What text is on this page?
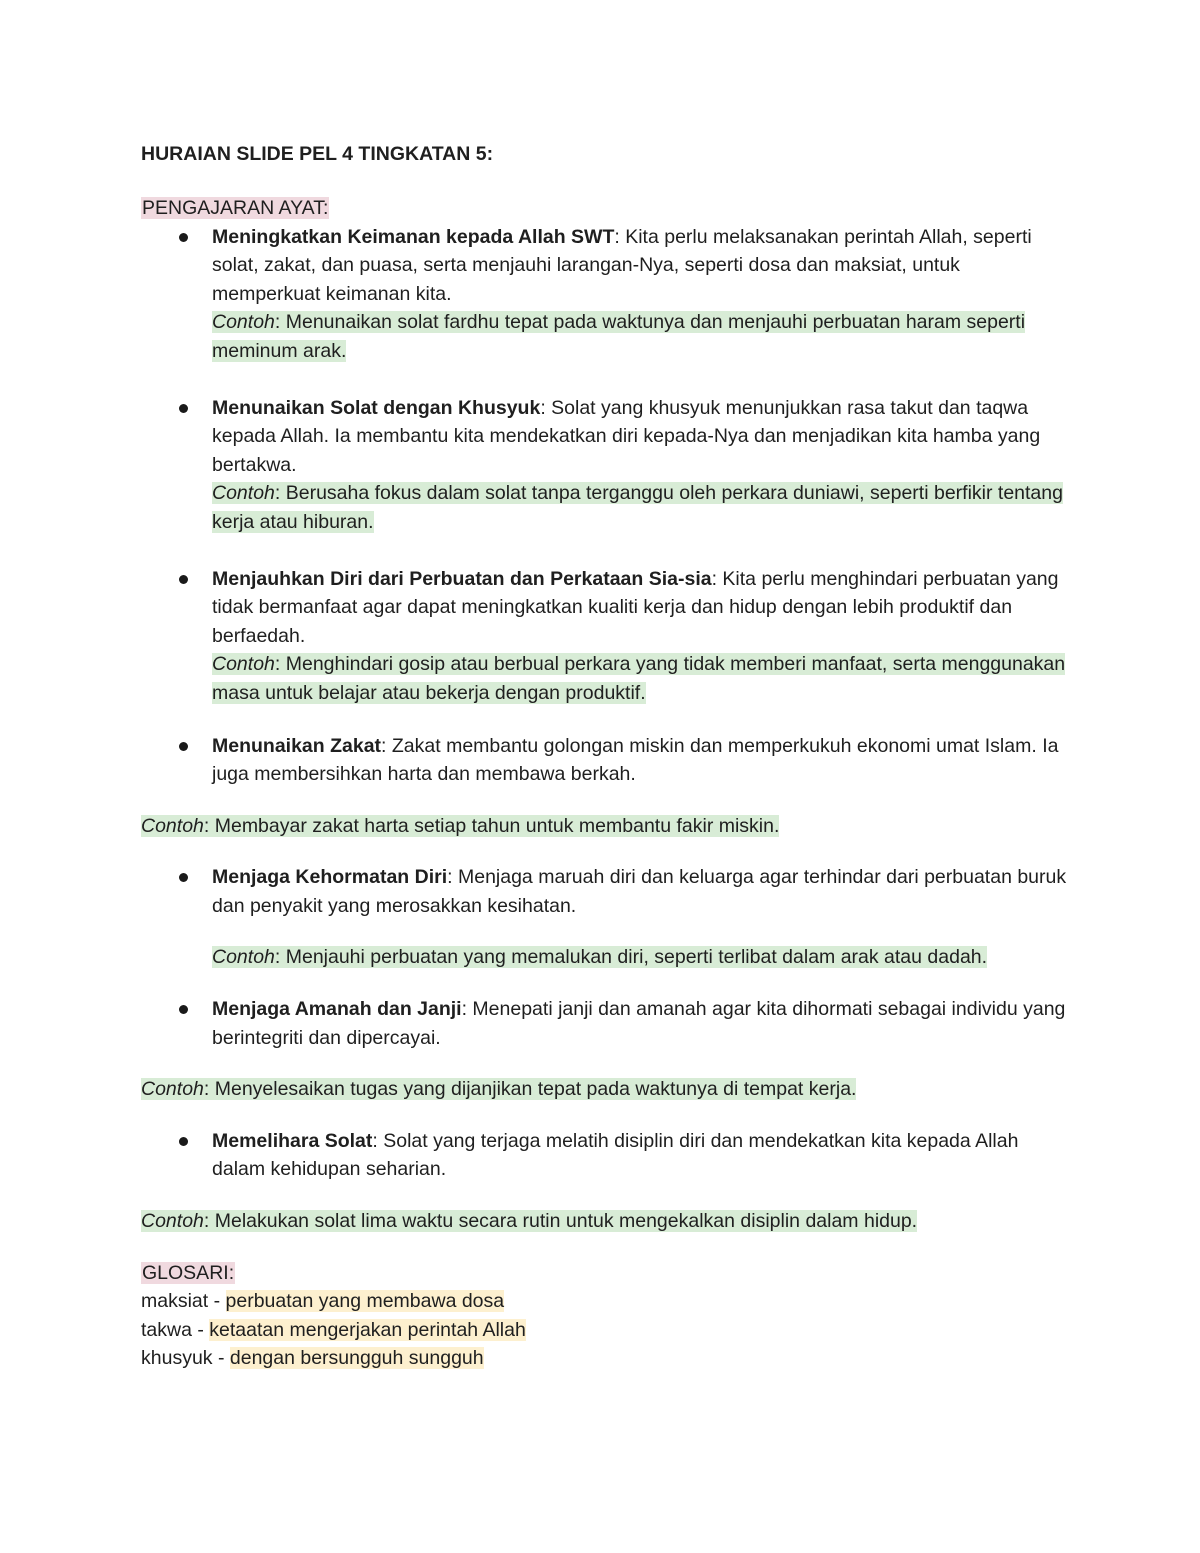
HURAIAN SLIDE PEL 4 TINGKATAN 5:
PENGAJARAN AYAT:
Meningkatkan Keimanan kepada Allah SWT: Kita perlu melaksanakan perintah Allah, seperti solat, zakat, dan puasa, serta menjauhi larangan-Nya, seperti dosa dan maksiat, untuk memperkuat keimanan kita.
Contoh: Menunaikan solat fardhu tepat pada waktunya dan menjauhi perbuatan haram seperti meminum arak.
Menunaikan Solat dengan Khusyuk: Solat yang khusyuk menunjukkan rasa takut dan taqwa kepada Allah. Ia membantu kita mendekatkan diri kepada-Nya dan menjadikan kita hamba yang bertakwa.
Contoh: Berusaha fokus dalam solat tanpa terganggu oleh perkara duniawi, seperti berfikir tentang kerja atau hiburan.
Menjauhkan Diri dari Perbuatan dan Perkataan Sia-sia: Kita perlu menghindari perbuatan yang tidak bermanfaat agar dapat meningkatkan kualiti kerja dan hidup dengan lebih produktif dan berfaedah.
Contoh: Menghindari gosip atau berbual perkara yang tidak memberi manfaat, serta menggunakan masa untuk belajar atau bekerja dengan produktif.
Menunaikan Zakat: Zakat membantu golongan miskin dan memperkukuh ekonomi umat Islam. Ia juga membersihkan harta dan membawa berkah.
Contoh: Membayar zakat harta setiap tahun untuk membantu fakir miskin.
Menjaga Kehormatan Diri: Menjaga maruah diri dan keluarga agar terhindar dari perbuatan buruk dan penyakit yang merosakkan kesihatan.
Contoh: Menjauhi perbuatan yang memalukan diri, seperti terlibat dalam arak atau dadah.
Menjaga Amanah dan Janji: Menepati janji dan amanah agar kita dihormati sebagai individu yang berintegriti dan dipercayai.
Contoh: Menyelesaikan tugas yang dijanjikan tepat pada waktunya di tempat kerja.
Memelihara Solat: Solat yang terjaga melatih disiplin diri dan mendekatkan kita kepada Allah dalam kehidupan seharian.
Contoh: Melakukan solat lima waktu secara rutin untuk mengekalkan disiplin dalam hidup.
GLOSARI:
maksiat - perbuatan yang membawa dosa
takwa - ketaatan mengerjakan perintah Allah
khusyuk - dengan bersungguh sungguh
